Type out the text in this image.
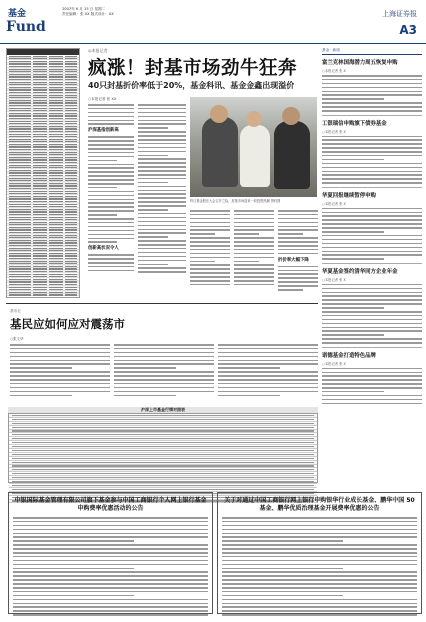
基金
Fund
2007年 6 月 15 日 星期二
责任编辑：张 XX 版式设计：XX	上海证券报
A3
◎本报记者
疯涨！封基市场劲牛狂奔
40只封基折价率低于20%，基金科讯、基金金鑫出现溢价
○本报记者 张 XX
沪深基指创新高
创新高状况令人
昨日基金股东大会召开之际，封基市场迎来一轮投资热潮 资料图
折价率大幅下降
基金 · 新闻
富兰克林国海潜力周五恢复申购
○本报记者 张 X
工银瑞信申购旗下债券基金
○本报记者 张 X
华夏回报继续暂停申购
○本报记者 张 X
华夏基金签约清华同方企业年金
○本报记者 张 X
诺德基金打造特色品牌
○本报记者 张 X
基市走
基民应如何应对震荡市
○张文华
沪深上市基金行情对照表
中银国际基金管理有限公司旗下基金参与中国工商银行个人网上银行基金申购费率优惠活动的公告
关于对通过中国工商银行网上银行申购银华行业成长基金、鹏华中国 50 基金、鹏华优质治理基金开展费率优惠的公告
